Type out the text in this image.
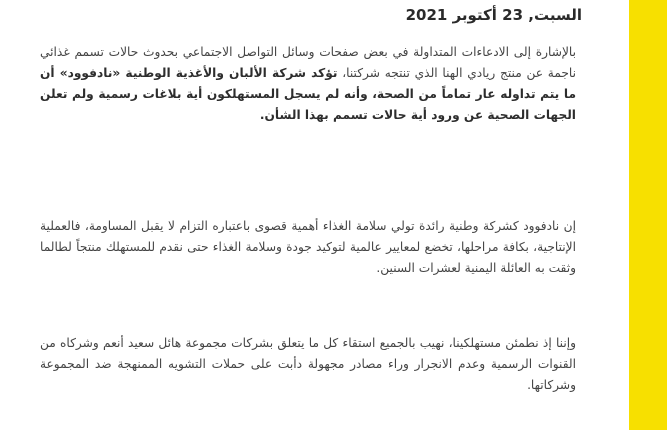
السبت, 23 أكتوبر 2021

بالإشارة إلى الادعاءات المتداولة في بعض صفحات وسائل التواصل الاجتماعي بحدوث حالات تسمم غذائي ناجمة عن منتج ريادي الهنا الذي تنتجه شركتنا، تؤكد شركة الألبان والأغذية الوطنية «نادفوود» أن ما يتم تداوله عار تماماً من الصحة، وأنه لم يسجل المستهلكون أية بلاغات رسمية ولم تعلن الجهات الصحية عن ورود أية حالات تسمم بهذا الشأن.

إن نادفوود كشركة وطنية رائدة تولي سلامة الغذاء أهمية قصوى باعتباره التزام لا يقبل المساومة، فالعملية الإنتاجية، بكافة مراحلها، تخضع لمعايير عالمية لتوكيد جودة وسلامة الغذاء حتى نقدم للمستهلك منتجاً لطالما وثقت به العائلة اليمنية لعشرات السنين.

وإننا إذ نطمئن مستهلكينا، نهيب بالجميع استقاء كل ما يتعلق بشركات مجموعة هائل سعيد أنعم وشركاه من القنوات الرسمية وعدم الانجرار وراء مصادر مجهولة دأبت على حملات التشويه الممنهجة ضد المجموعة وشركاتها.
